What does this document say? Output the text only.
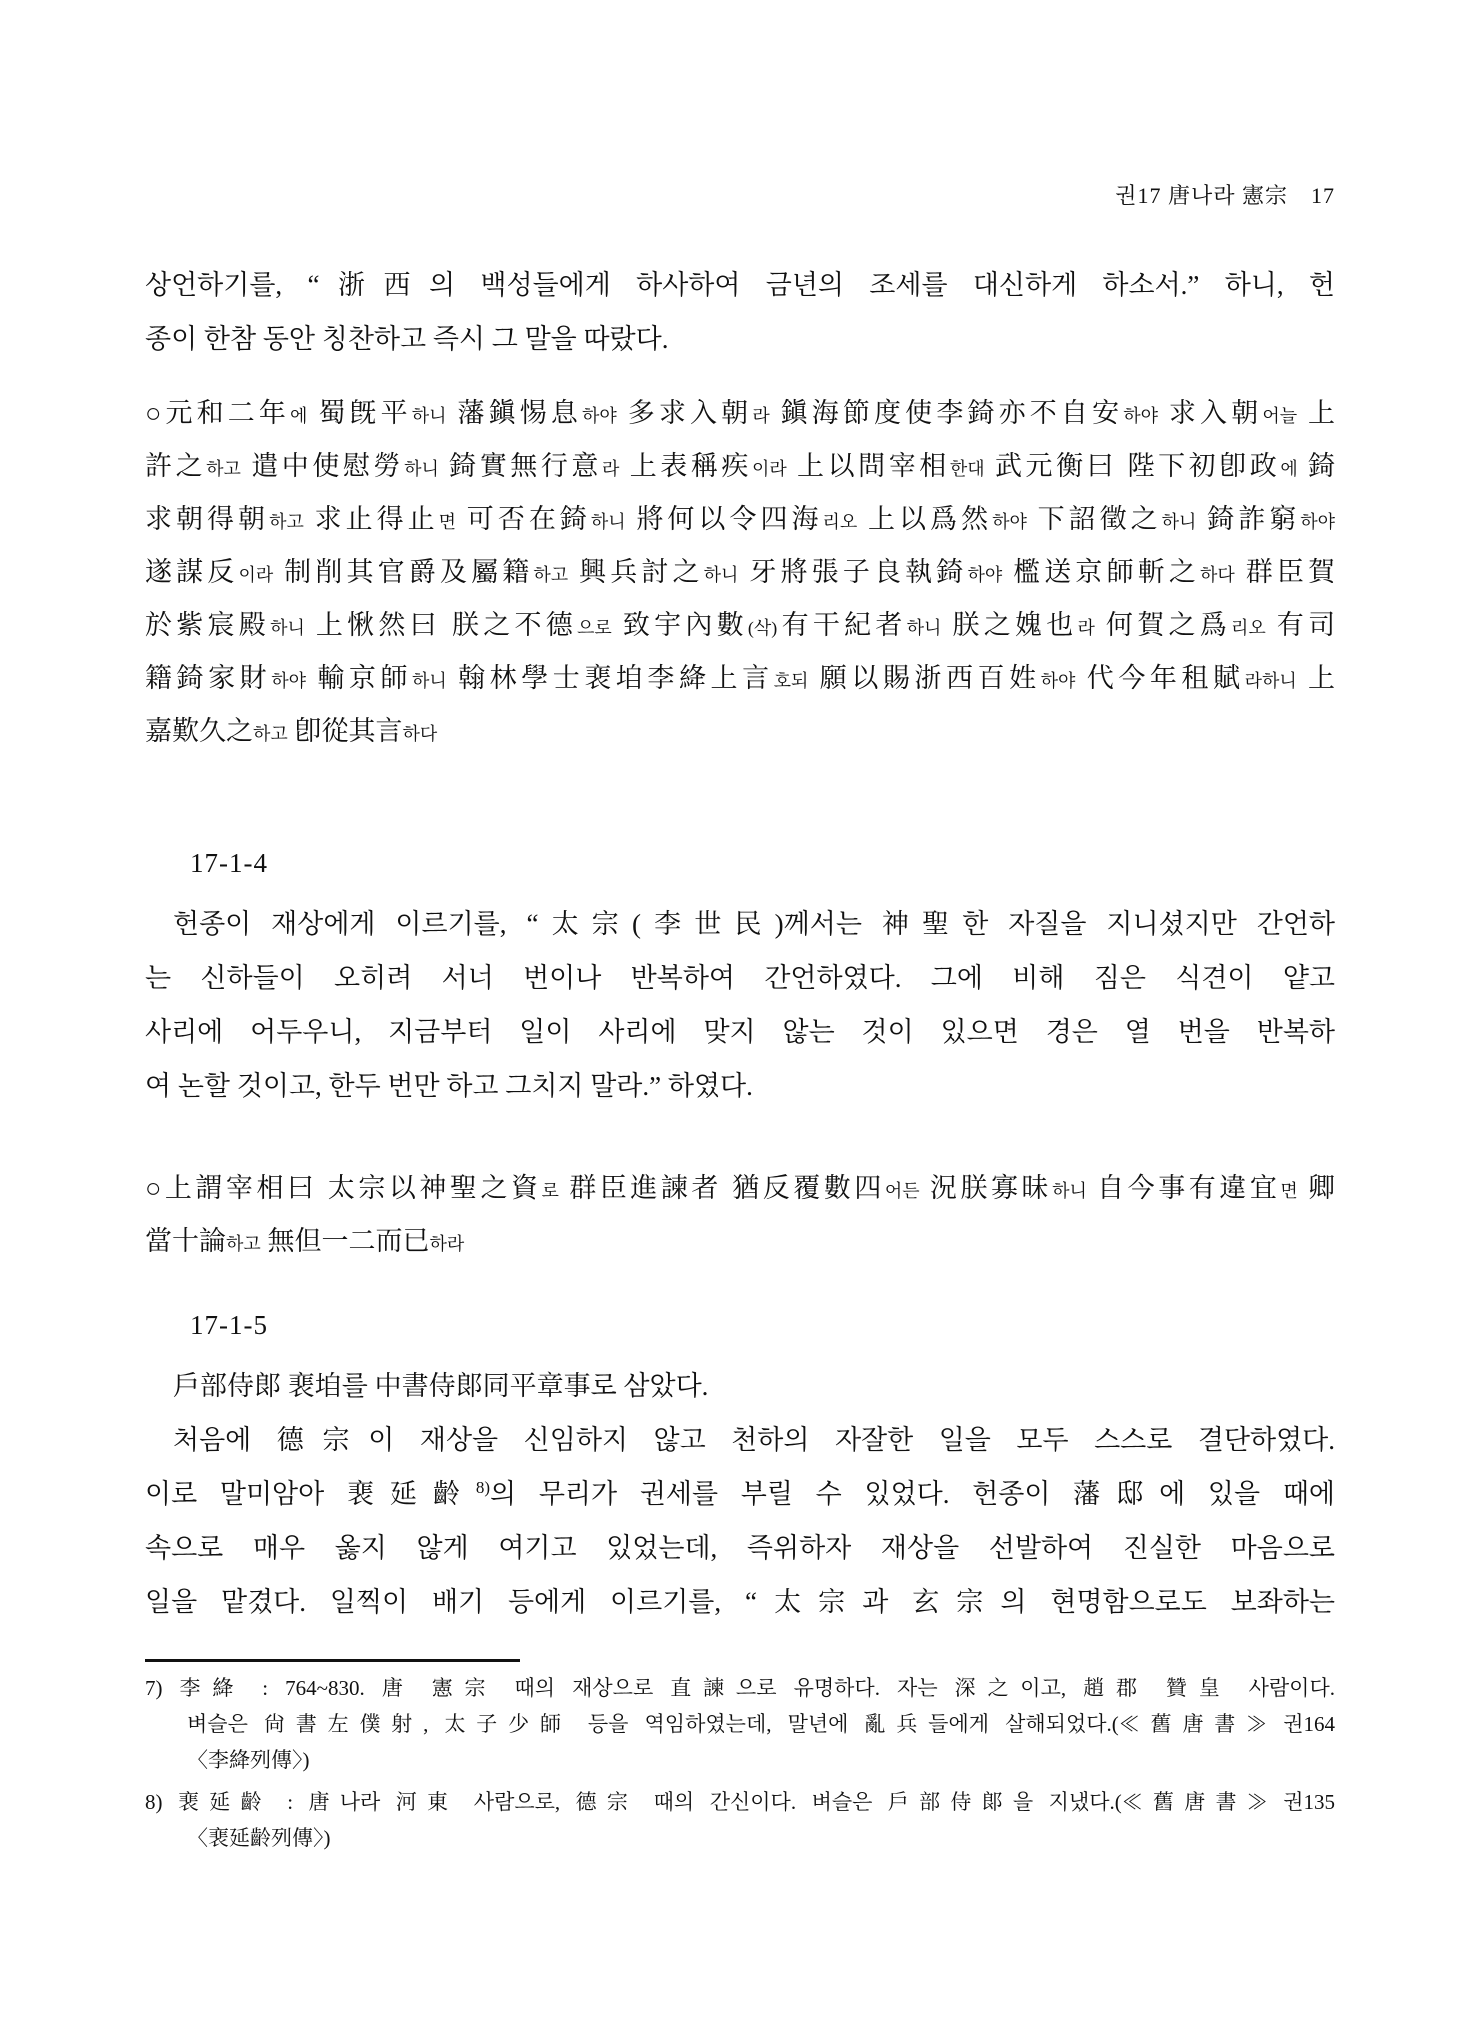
권17 唐나라 憲宗 17
상언하기를, “浙西의 백성들에게 하사하여 금년의 조세를 대신하게 하소서.” 하니, 헌
종이 한참 동안 칭찬하고 즉시 그 말을 따랐다.
○元和二年에 蜀旣平하니 藩鎭惕息하야 多求入朝라 鎭海節度使李錡亦不自安하야 求入朝어늘 上
許之하고 遣中使慰勞하니 錡實無行意라 上表稱疾이라 上以問宰相한대 武元衡曰 陛下初卽政에 錡
求朝得朝하고 求止得止면 可否在錡하니 將何以令四海리오 上以爲然하야 下詔徵之하니 錡詐窮하야
遂謀反이라 制削其官爵及屬籍하고 興兵討之하니 牙將張子良執錡하야 檻送京師斬之하다 群臣賀
於紫宸殿하니 上愀然曰 朕之不德으로 致宇內數(삭)有干紀者하니 朕之媿也라 何賀之爲리오 有司
籍錡家財하야 輸京師하니 翰林學士裵垍李絳上言호되 願以賜浙西百姓하야 代今年租賦라하니 上
嘉歎久之하고 卽從其言하다
17-1-4
헌종이 재상에게 이르기를, “太宗(李世民)께서는 神聖한 자질을 지니셨지만 간언하
는 신하들이 오히려 서너 번이나 반복하여 간언하였다. 그에 비해 짐은 식견이 얕고
사리에 어두우니, 지금부터 일이 사리에 맞지 않는 것이 있으면 경은 열 번을 반복하
여 논할 것이고, 한두 번만 하고 그치지 말라.” 하였다.
○上謂宰相曰 太宗以神聖之資로 群臣進諫者 猶反覆數四어든 況朕寡昧하니 自今事有違宜면 卿
當十論하고 無但一二而已하라
17-1-5
戶部侍郞 裵垍를 中書侍郞同平章事로 삼았다.
처음에 德宗이 재상을 신임하지 않고 천하의 자잘한 일을 모두 스스로 결단하였다.
이로 말미암아 裵延齡$^{8)}$의 무리가 권세를 부릴 수 있었다. 헌종이 藩邸에 있을 때에
속으로 매우 옳지 않게 여기고 있었는데, 즉위하자 재상을 선발하여 진실한 마음으로
일을 맡겼다. 일찍이 배기 등에게 이르기를, “太宗과 玄宗의 현명함으로도 보좌하는
7) 李絳 : 764~830. 唐 憲宗 때의 재상으로 直諫으로 유명하다. 자는 深之이고, 趙郡 贊皇 사람이다.
벼슬은 尙書左僕射, 太子少師 등을 역임하였는데, 말년에 亂兵들에게 살해되었다.(≪舊唐書≫ 권164
〈李絳列傳〉)
8) 裵延齡 : 唐나라 河東 사람으로, 德宗 때의 간신이다. 벼슬은 戶部侍郞을 지냈다.(≪舊唐書≫ 권135
〈裵延齡列傳〉)
